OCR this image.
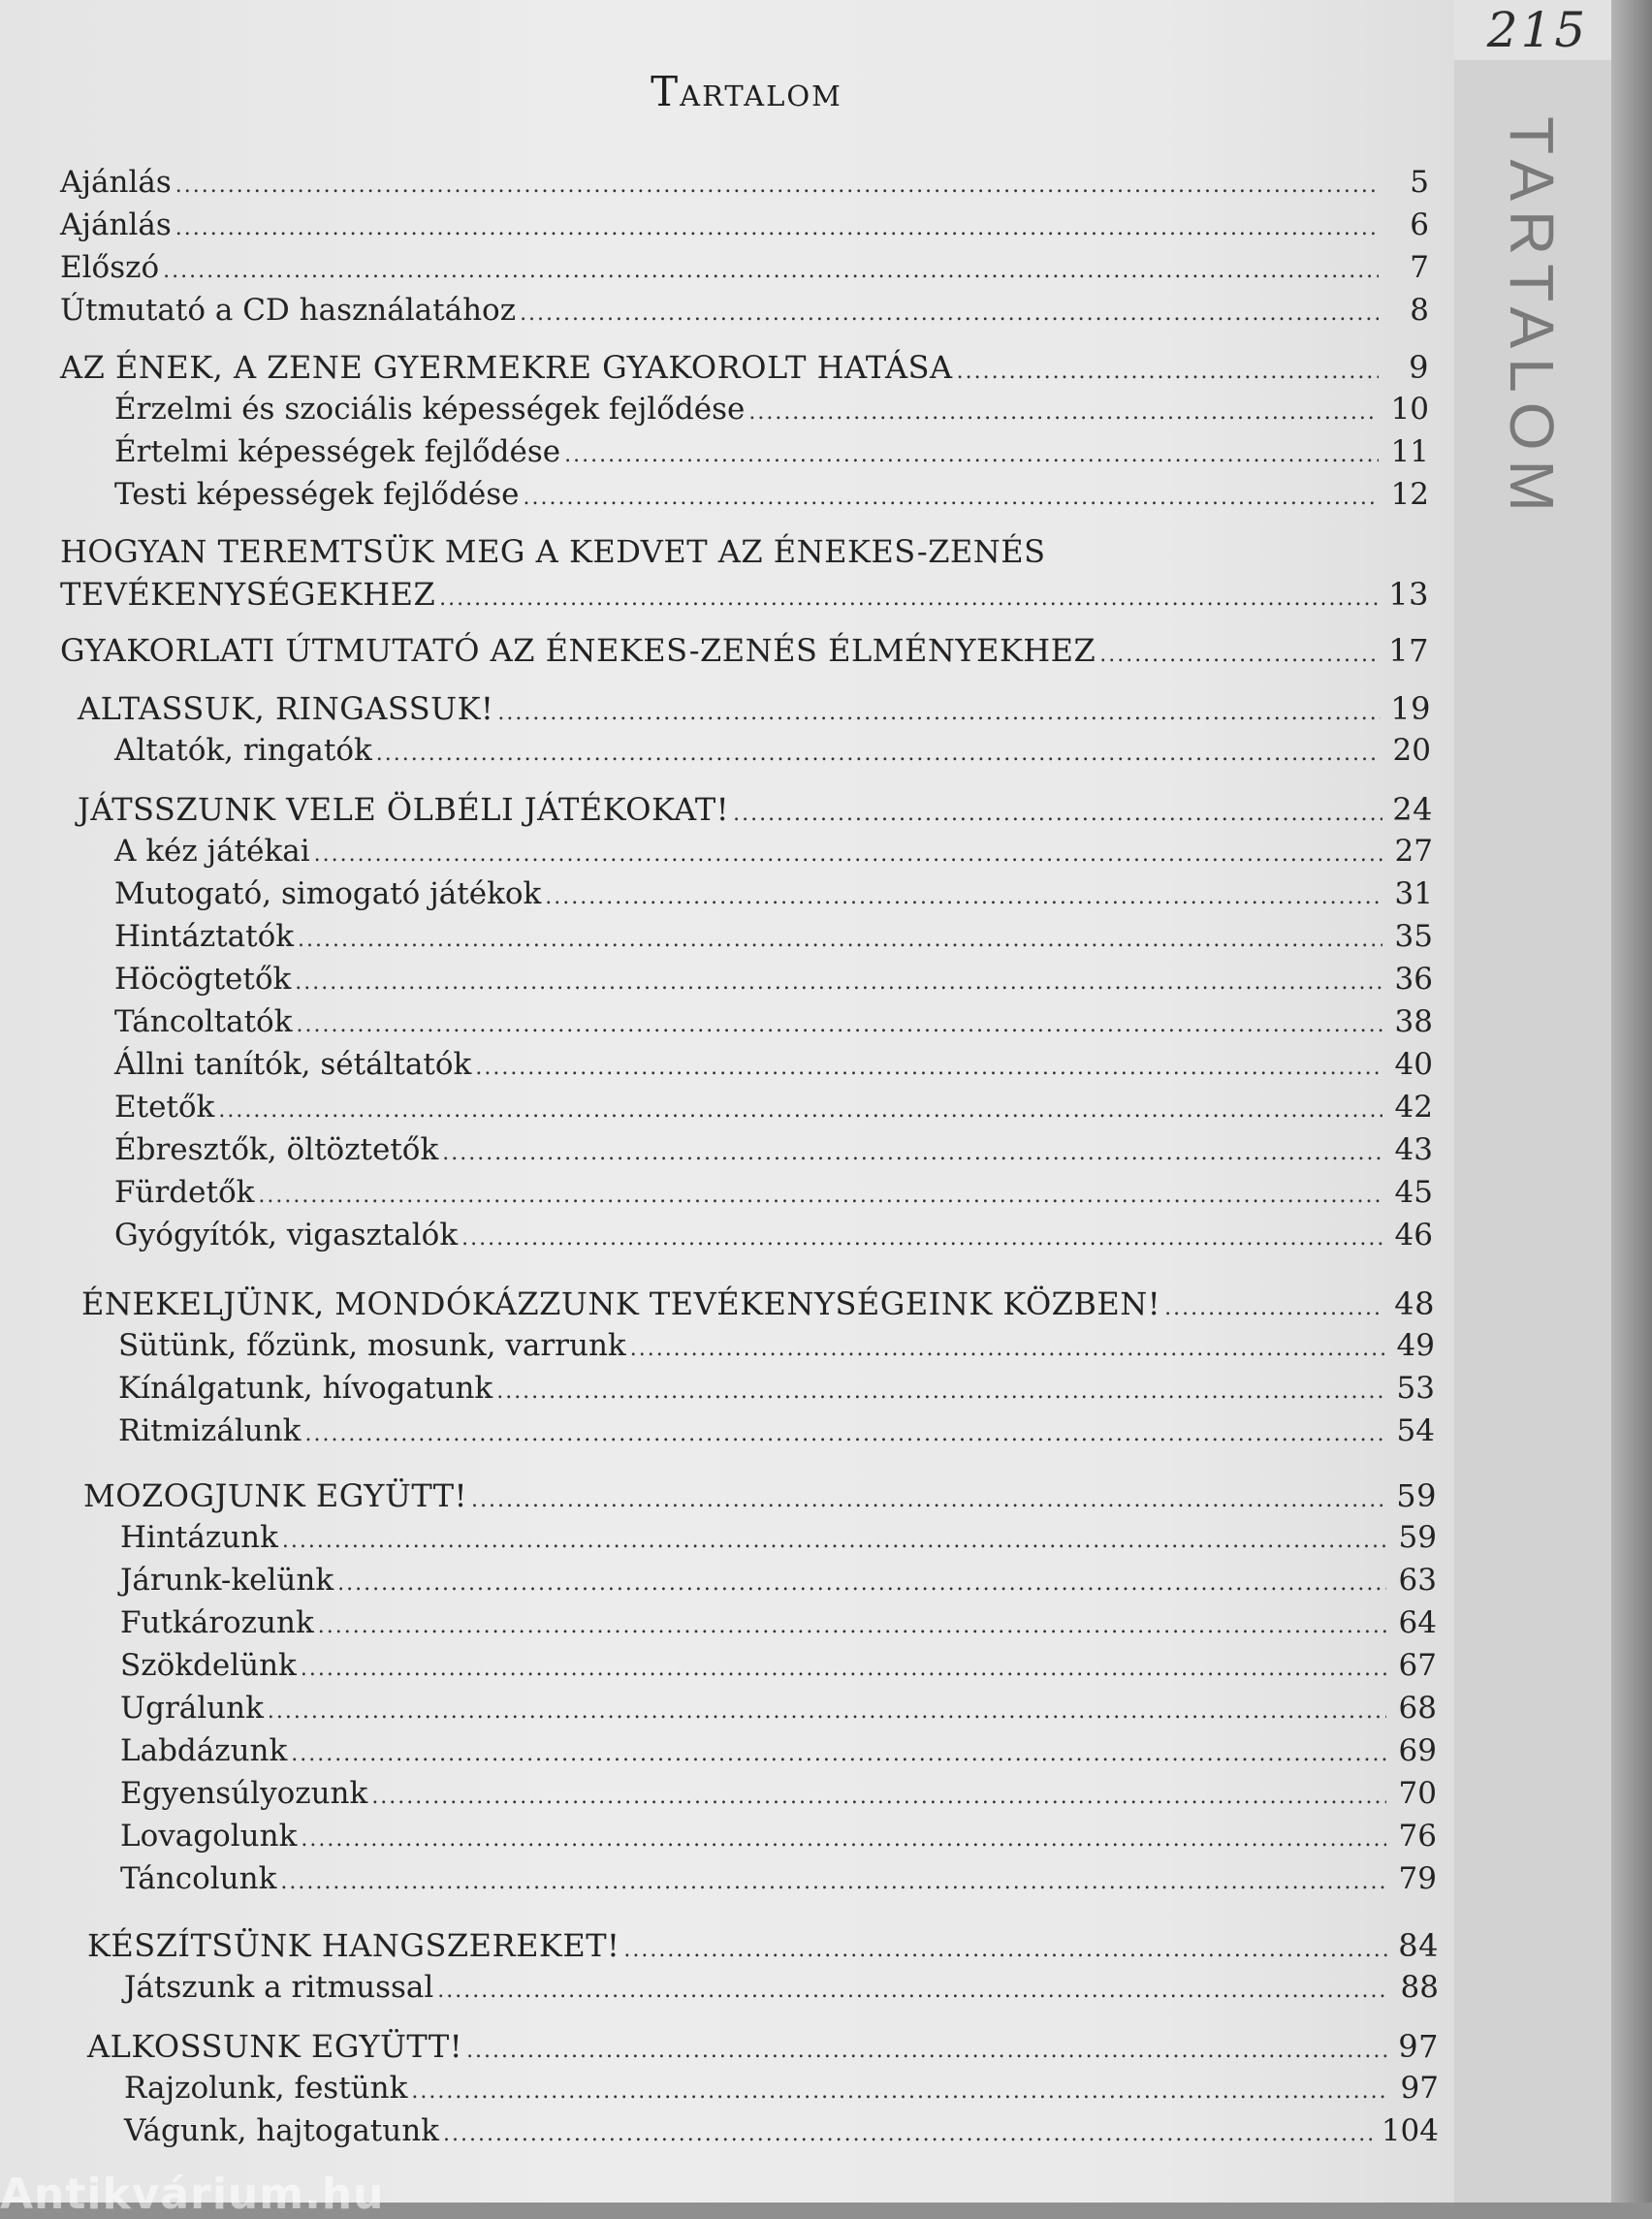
215
TARTALOM
Tartalom
Ajánlás .....	5
Ajánlás .....	6
Előszó .....	7
Útmutató a CD használatához .....	8
AZ ÉNEK, A ZENE GYERMEKRE GYAKOROLT HATÁSA .....	9
Érzelmi és szociális képességek fejlődése .....	10
Értelmi képességek fejlődése .....	11
Testi képességek fejlődése .....	12
HOGYAN TEREMTSÜK MEG A KEDVET AZ ÉNEKES-ZENÉS
TEVÉKENYSÉGEKHEZ .....	13
GYAKORLATI ÚTMUTATÓ AZ ÉNEKES-ZENÉS ÉLMÉNYEKHEZ .....	17
ALTASSUK, RINGASSUK! .....	19
Altatók, ringatók .....	20
JÁTSSZUNK VELE ÖLBÉLI JÁTÉKOKAT! .....	24
A kéz játékai .....	27
Mutogató, simogató játékok .....	31
Hintáztatók .....	35
Höcögtetők .....	36
Táncoltatók .....	38
Állni tanítók, sétáltatók .....	40
Etetők .....	42
Ébresztők, öltöztetők .....	43
Fürdetők .....	45
Gyógyítók, vigasztalók .....	46
ÉNEKELJÜNK, MONDÓKÁZZUNK TEVÉKENYSÉGEINK KÖZBEN! .....	48
Sütünk, főzünk, mosunk, varrunk .....	49
Kínálgatunk, hívogatunk .....	53
Ritmizálunk .....	54
MOZOGJUNK EGYÜTT! .....	59
Hintázunk .....	59
Járunk-kelünk .....	63
Futkározunk .....	64
Szökdelünk .....	67
Ugrálunk .....	68
Labdázunk .....	69
Egyensúlyozunk .....	70
Lovagolunk .....	76
Táncolunk .....	79
KÉSZÍTSÜNK HANGSZEREKET! .....	84
Játszunk a ritmussal .....	88
ALKOSSUNK EGYÜTT! .....	97
Rajzolunk, festünk .....	97
Vágunk, hajtogatunk .....	104
Antikvárium.hu
